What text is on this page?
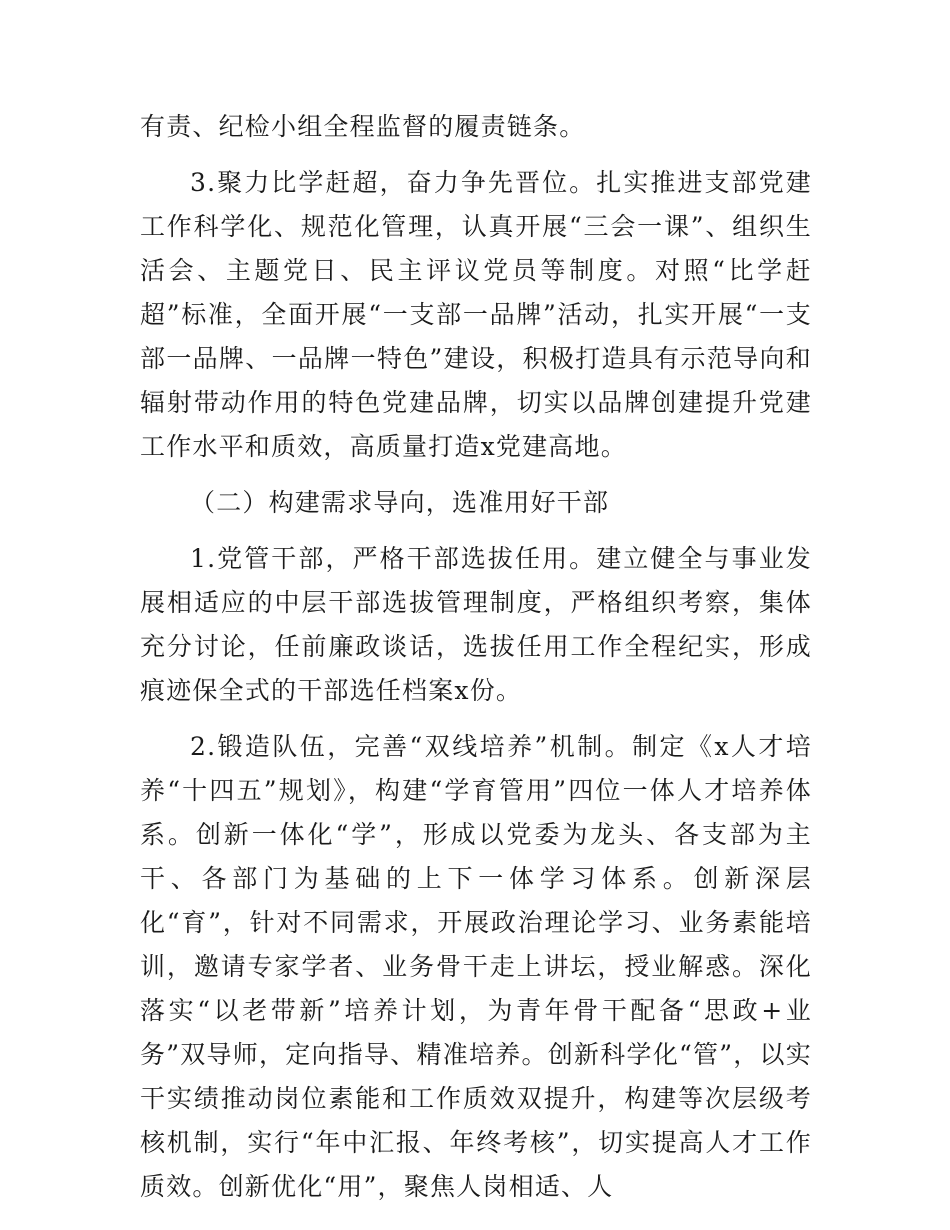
有责、纪检小组全程监督的履责链条。

3.聚力比学赶超，奋力争先晋位。扎实推进支部党建工作科学化、规范化管理，认真开展“三会一课”、组织生活会、主题党日、民主评议党员等制度。对照“比学赶超”标准，全面开展“一支部一品牌”活动，扎实开展“一支部一品牌、一品牌一特色”建设，积极打造具有示范导向和辐射带动作用的特色党建品牌，切实以品牌创建提升党建工作水平和质效，高质量打造x党建高地。

（二）构建需求导向，选准用好干部

1.党管干部，严格干部选拔任用。建立健全与事业发展相适应的中层干部选拔管理制度，严格组织考察，集体充分讨论，任前廉政谈话，选拔任用工作全程纪实，形成痕迹保全式的干部选任档案x份。

2.锻造队伍，完善“双线培养”机制。制定《x人才培养“十四五”规划》，构建“学育管用”四位一体人才培养体系。创新一体化“学”，形成以党委为龙头、各支部为主干、各部门为基础的上下一体学习体系。创新深层化“育”，针对不同需求，开展政治理论学习、业务素能培训，邀请专家学者、业务骨干走上讲坛，授业解惑。深化落实“以老带新”培养计划，为青年骨干配备“思政+业务”双导师，定向指导、精准培养。创新科学化“管”，以实干实绩推动岗位素能和工作质效双提升，构建等次层级考核机制，实行“年中汇报、年终考核”，切实提高人才工作质效。创新优化“用”，聚焦人岗相适、人
